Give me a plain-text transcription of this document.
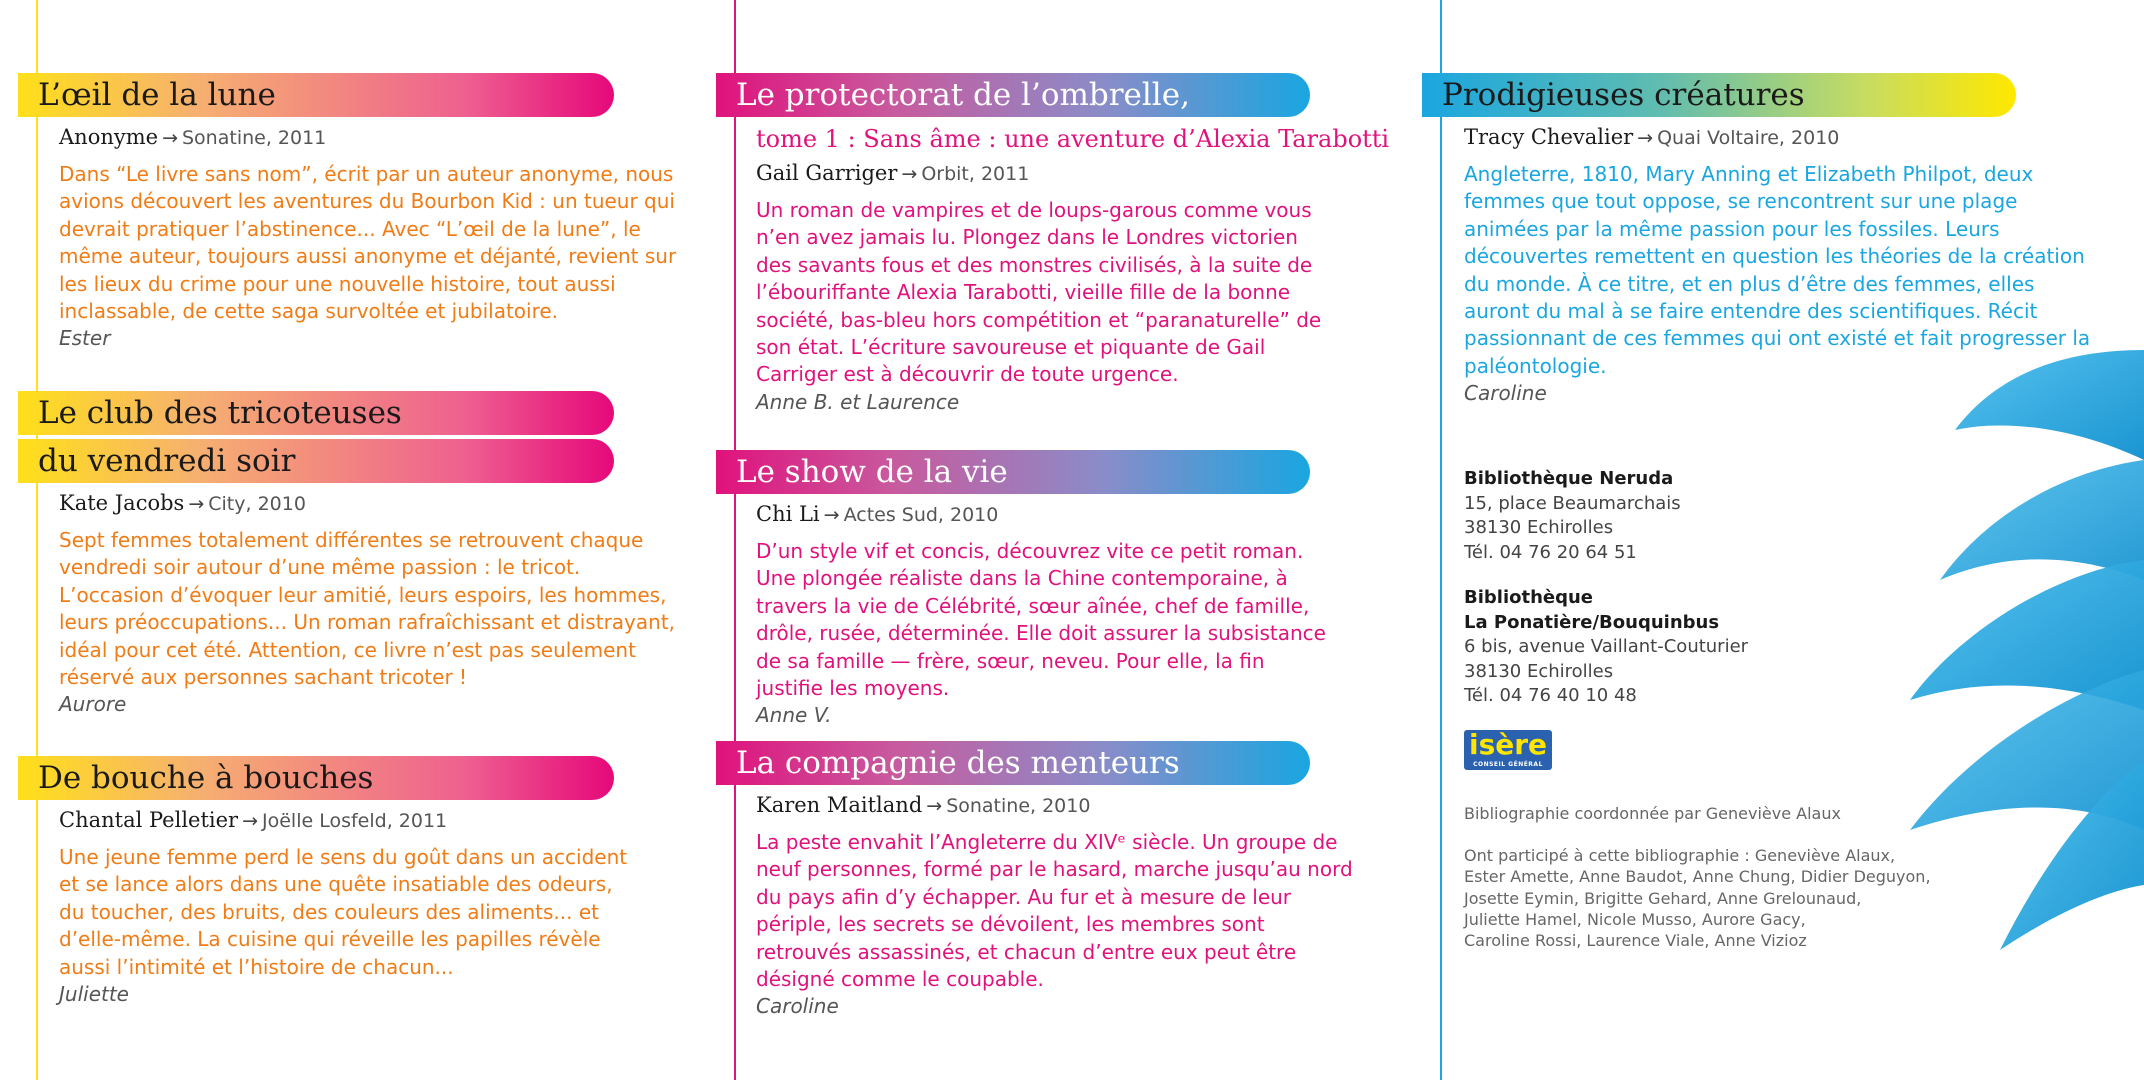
L’œil de la lune
Anonyme → Sonatine, 2011
Dans “Le livre sans nom”, écrit par un auteur anonyme, nous avions découvert les aventures du Bourbon Kid : un tueur qui devrait pratiquer l’abstinence... Avec “L’œil de la lune”, le même auteur, toujours aussi anonyme et déjanté, revient sur les lieux du crime pour une nouvelle histoire, tout aussi inclassable, de cette saga survoltée et jubilatoire.
Ester
Le club des tricoteuses
du vendredi soir
Kate Jacobs → City, 2010
Sept femmes totalement différentes se retrouvent chaque vendredi soir autour d’une même passion : le tricot. L’occasion d’évoquer leur amitié, leurs espoirs, les hommes, leurs préoccupations... Un roman rafraîchissant et distrayant, idéal pour cet été. Attention, ce livre n’est pas seulement réservé aux personnes sachant tricoter !
Aurore
De bouche à bouches
Chantal Pelletier → Joëlle Losfeld, 2011
Une jeune femme perd le sens du goût dans un accident et se lance alors dans une quête insatiable des odeurs, du toucher, des bruits, des couleurs des aliments... et d’elle-même. La cuisine qui réveille les papilles révèle aussi l’intimité et l’histoire de chacun...
Juliette
Le protectorat de l’ombrelle,
tome 1 : Sans âme : une aventure d’Alexia Tarabotti
Gail Garriger → Orbit, 2011
Un roman de vampires et de loups-garous comme vous n’en avez jamais lu. Plongez dans le Londres victorien des savants fous et des monstres civilisés, à la suite de l’ébouriffante Alexia Tarabotti, vieille fille de la bonne société, bas-bleu hors compétition et “paranaturelle” de son état. L’écriture savoureuse et piquante de Gail Carriger est à découvrir de toute urgence.
Anne B. et Laurence
Le show de la vie
Chi Li → Actes Sud, 2010
D’un style vif et concis, découvrez vite ce petit roman. Une plongée réaliste dans la Chine contemporaine, à travers la vie de Célébrité, sœur aînée, chef de famille, drôle, rusée, déterminée. Elle doit assurer la subsistance de sa famille — frère, sœur, neveu. Pour elle, la fin justifie les moyens.
Anne V.
La compagnie des menteurs
Karen Maitland → Sonatine, 2010
La peste envahit l’Angleterre du XIVᵉ siècle. Un groupe de neuf personnes, formé par le hasard, marche jusqu’au nord du pays afin d’y échapper. Au fur et à mesure de leur périple, les secrets se dévoilent, les membres sont retrouvés assassinés, et chacun d’entre eux peut être désigné comme le coupable.
Caroline
Prodigieuses créatures
Tracy Chevalier → Quai Voltaire, 2010
Angleterre, 1810, Mary Anning et Elizabeth Philpot, deux femmes que tout oppose, se rencontrent sur une plage animées par la même passion pour les fossiles. Leurs découvertes remettent en question les théories de la création du monde. À ce titre, et en plus d’être des femmes, elles auront du mal à se faire entendre des scientifiques. Récit passionnant de ces femmes qui ont existé et fait progresser la paléontologie.
Caroline
Bibliothèque Neruda
15, place Beaumarchais
38130 Echirolles
Tél. 04 76 20 64 51
Bibliothèque
La Ponatière/Bouquinbus
6 bis, avenue Vaillant-Couturier
38130 Echirolles
Tél. 04 76 40 10 48
isère
CONSEIL GÉNÉRAL
Bibliographie coordonnée par Geneviève Alaux
Ont participé à cette bibliographie : Geneviève Alaux,
Ester Amette, Anne Baudot, Anne Chung, Didier Deguyon,
Josette Eymin, Brigitte Gehard, Anne Grelounaud,
Juliette Hamel, Nicole Musso, Aurore Gacy,
Caroline Rossi, Laurence Viale, Anne Vizioz
